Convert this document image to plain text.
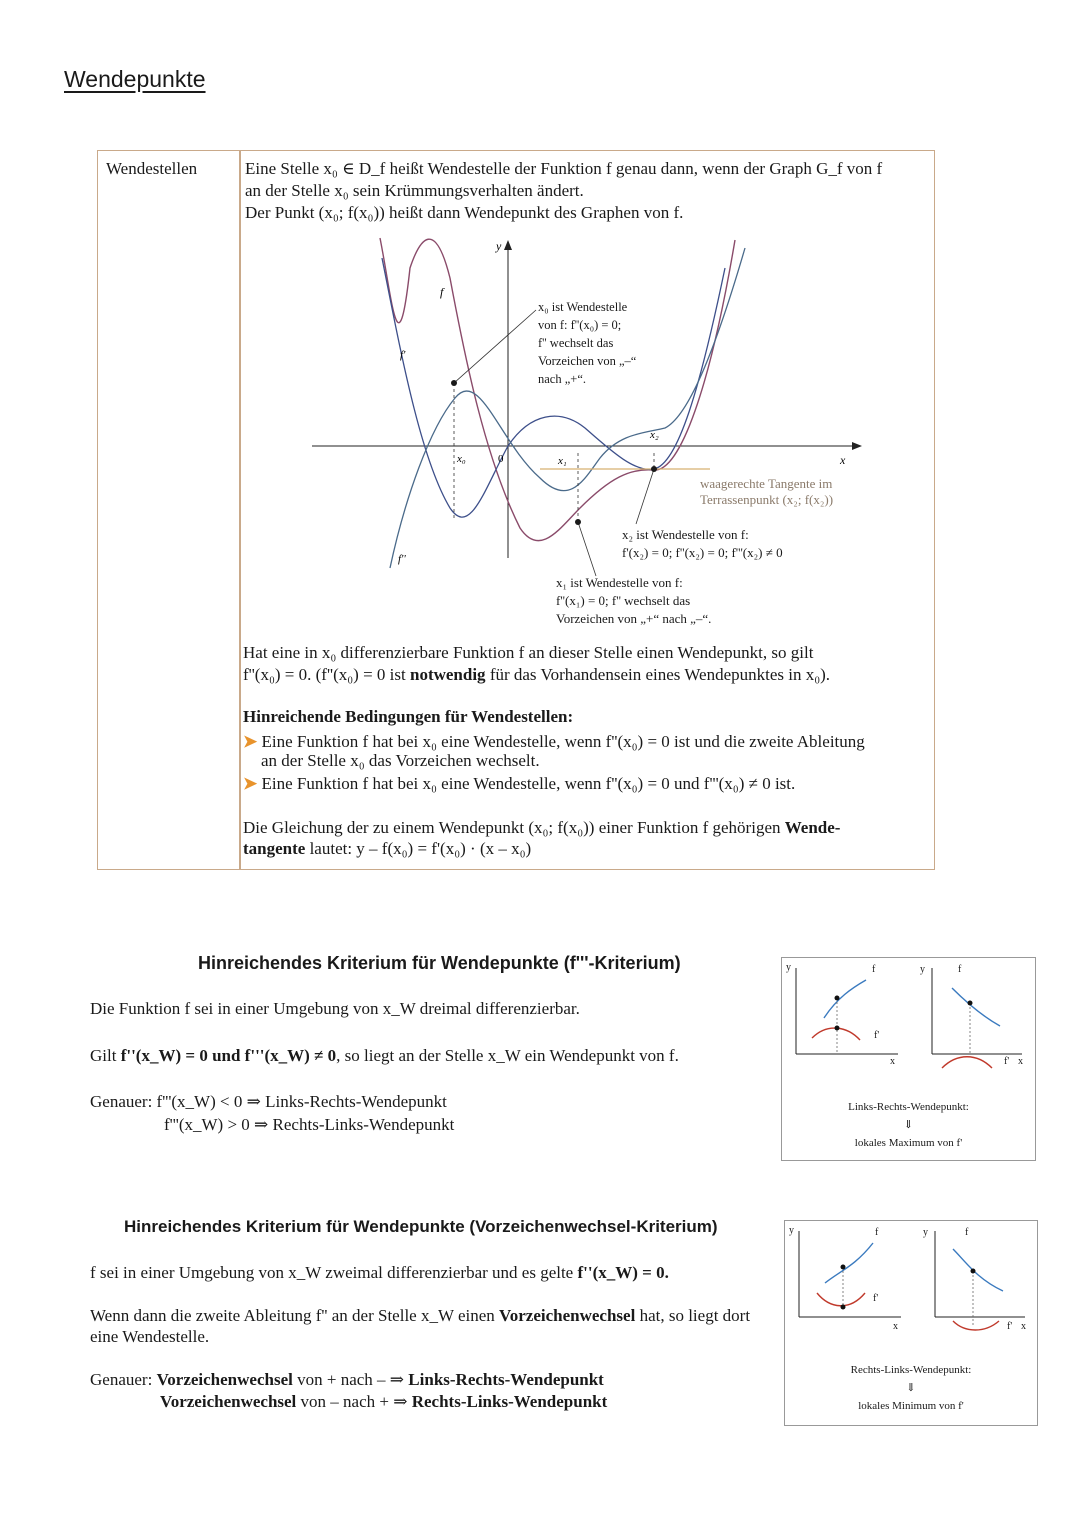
Wendepunkte
Wendestellen	Eine Stelle x₀ ∈ D_f heißt Wendestelle der Funktion f genau dann, wenn der Graph G_f von f
an der Stelle x₀ sein Krümmungsverhalten ändert.
Der Punkt (x₀; f(x₀)) heißt dann Wendepunkt des Graphen von f.
y
x
f
f'
f''
x₀	0	x₁
x₂
x₀ ist Wendestelle
von f: f''(x₀) = 0;
f'' wechselt das
Vorzeichen von „–“
nach „+“.
waagerechte Tangente im
Terrassenpunkt (x₂; f(x₂))
x₂ ist Wendestelle von f:
f'(x₂) = 0; f''(x₂) = 0; f'''(x₂) ≠ 0
x₁ ist Wendestelle von f:
f''(x₁) = 0; f'' wechselt das
Vorzeichen von „+“ nach „–“.
Hat eine in x₀ differenzierbare Funktion f an dieser Stelle einen Wendepunkt, so gilt
f''(x₀) = 0. (f''(x₀) = 0 ist notwendig für das Vorhandensein eines Wendepunktes in x₀).
Hinreichende Bedingungen für Wendestellen:
➤ Eine Funktion f hat bei x₀ eine Wendestelle, wenn f''(x₀) = 0 ist und die zweite Ableitung
an der Stelle x₀ das Vorzeichen wechselt.
➤ Eine Funktion f hat bei x₀ eine Wendestelle, wenn f''(x₀) = 0 und f'''(x₀) ≠ 0 ist.
Die Gleichung der zu einem Wendepunkt (x₀; f(x₀)) einer Funktion f gehörigen Wende-
tangente lautet: y – f(x₀) = f'(x₀) · (x – x₀)
Hinreichendes Kriterium für Wendepunkte (f'''-Kriterium)
Die Funktion f sei in einer Umgebung von x_W dreimal differenzierbar.
Gilt f''(x_W) = 0 und f'''(x_W) ≠ 0, so liegt an der Stelle x_W ein Wendepunkt von f.
Genauer: f'''(x_W) < 0 ⇒ Links-Rechts-Wendepunkt
f'''(x_W) > 0 ⇒ Rechts-Links-Wendepunkt
y	f
f'
x
y	f
f' x
Links-Rechts-Wendepunkt:
⇓
lokales Maximum von f'
Hinreichendes Kriterium für Wendepunkte (Vorzeichenwechsel-Kriterium)
f sei in einer Umgebung von x_W zweimal differenzierbar und es gelte f''(x_W) = 0.
Wenn dann die zweite Ableitung f'' an der Stelle x_W einen Vorzeichenwechsel hat, so liegt dort
eine Wendestelle.
Genauer: Vorzeichenwechsel von + nach – ⇒ Links-Rechts-Wendepunkt
Vorzeichenwechsel von – nach + ⇒ Rechts-Links-Wendepunkt
y	f
f'
x
y	f
f' x
Rechts-Links-Wendepunkt:
⇓
lokales Minimum von f'
